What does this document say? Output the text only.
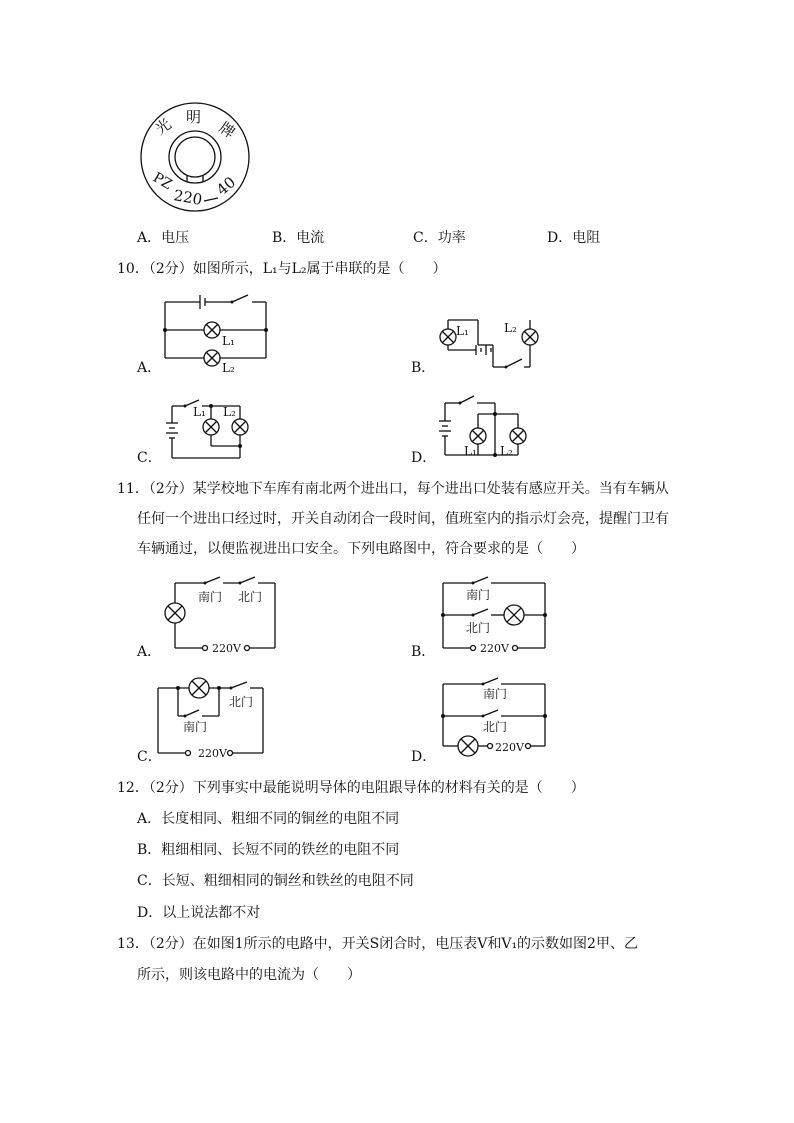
光 明
牌
PZ
220 40
A．电压	B．电流	C．功率	D．电阻
10．（2分）如图所示，L₁与L₂属于串联的是（　　）
L₁
L₂
A．
L₁	L₂
B．
L₁ L₂
C．	L₁ L₂
D．
11．（2分）某学校地下车库有南北两个进出口，每个进出口处装有感应开关。当有车辆从
任何一个进出口经过时，开关自动闭合一段时间，值班室内的指示灯会亮，提醒门卫有
车辆通过，以便监视进出口安全。下列电路图中，符合要求的是（　　）
南门 北门
220V
A．
南门
北门
220V
B．
南门
北门
220V
C．
南门
北门
220V
D．
12．（2分）下列事实中最能说明导体的电阻跟导体的材料有关的是（　　）
A．长度相同、粗细不同的铜丝的电阻不同
B．粗细相同、长短不同的铁丝的电阻不同
C．长短、粗细相同的铜丝和铁丝的电阻不同
D．以上说法都不对
13．（2分）在如图1所示的电路中，开关S闭合时，电压表V和V₁的示数如图2甲、乙
所示，则该电路中的电流为（　　）
